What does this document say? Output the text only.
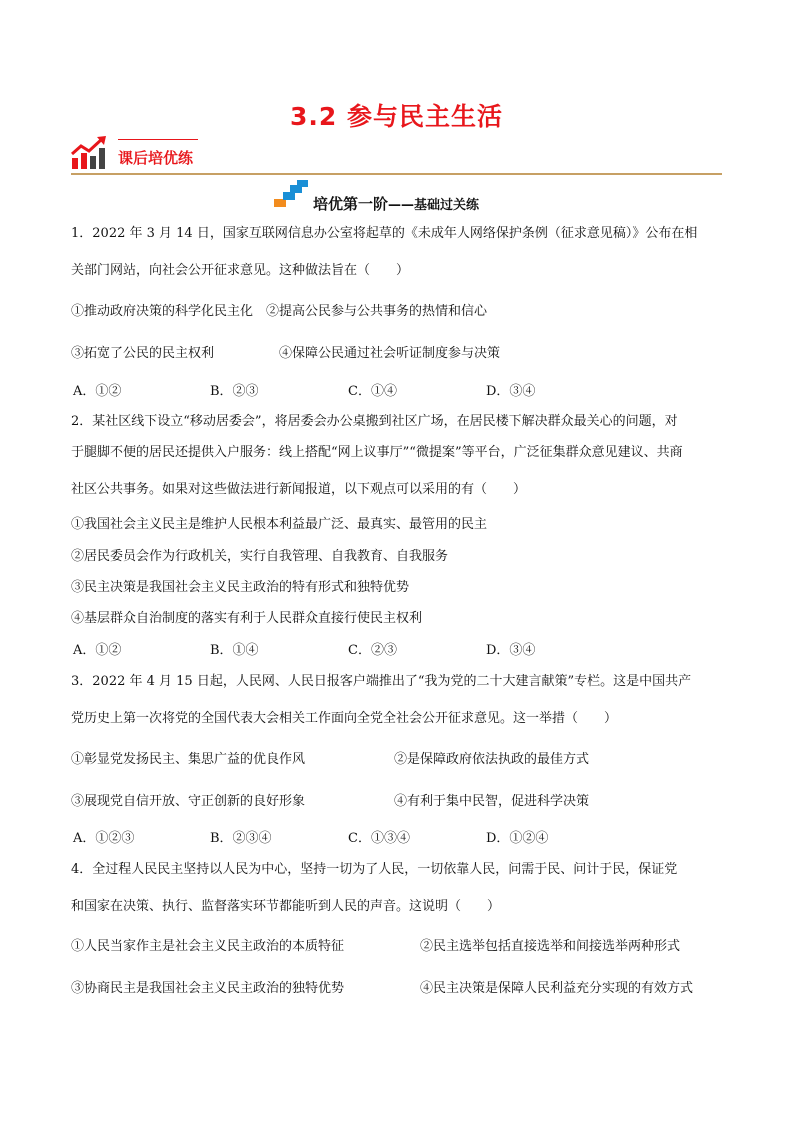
3.2 参与民主生活
课后培优练
培优第一阶——基础过关练
1．2022 年 3 月 14 日，国家互联网信息办公室将起草的《未成年人网络保护条例（征求意见稿）》公布在相
关部门网站，向社会公开征求意见。这种做法旨在（　　）
①推动政府决策的科学化民主化　②提高公民参与公共事务的热情和信心
③拓宽了公民的民主权利　　　　　④保障公民通过社会听证制度参与决策
A．①②	B．②③	C．①④	D．③④
2．某社区线下设立“移动居委会”，将居委会办公桌搬到社区广场，在居民楼下解决群众最关心的问题，对
于腿脚不便的居民还提供入户服务：线上搭配“网上议事厅”“微提案”等平台，广泛征集群众意见建议、共商
社区公共事务。如果对这些做法进行新闻报道，以下观点可以采用的有（　　）
①我国社会主义民主是维护人民根本利益最广泛、最真实、最管用的民主
②居民委员会作为行政机关，实行自我管理、自我教育、自我服务
③民主决策是我国社会主义民主政治的特有形式和独特优势
④基层群众自治制度的落实有利于人民群众直接行使民主权利
A．①②	B．①④	C．②③	D．③④
3．2022 年 4 月 15 日起，人民网、人民日报客户端推出了“我为党的二十大建言献策”专栏。这是中国共产
党历史上第一次将党的全国代表大会相关工作面向全党全社会公开征求意见。这一举措（　　）
①彰显党发扬民主、集思广益的优良作风	②是保障政府依法执政的最佳方式
③展现党自信开放、守正创新的良好形象	④有利于集中民智，促进科学决策
A．①②③	B．②③④	C．①③④	D．①②④
4．全过程人民民主坚持以人民为中心，坚持一切为了人民，一切依靠人民，问需于民、问计于民，保证党
和国家在决策、执行、监督落实环节都能听到人民的声音。这说明（　　）
①人民当家作主是社会主义民主政治的本质特征	②民主选举包括直接选举和间接选举两种形式
③协商民主是我国社会主义民主政治的独特优势	④民主决策是保障人民利益充分实现的有效方式
